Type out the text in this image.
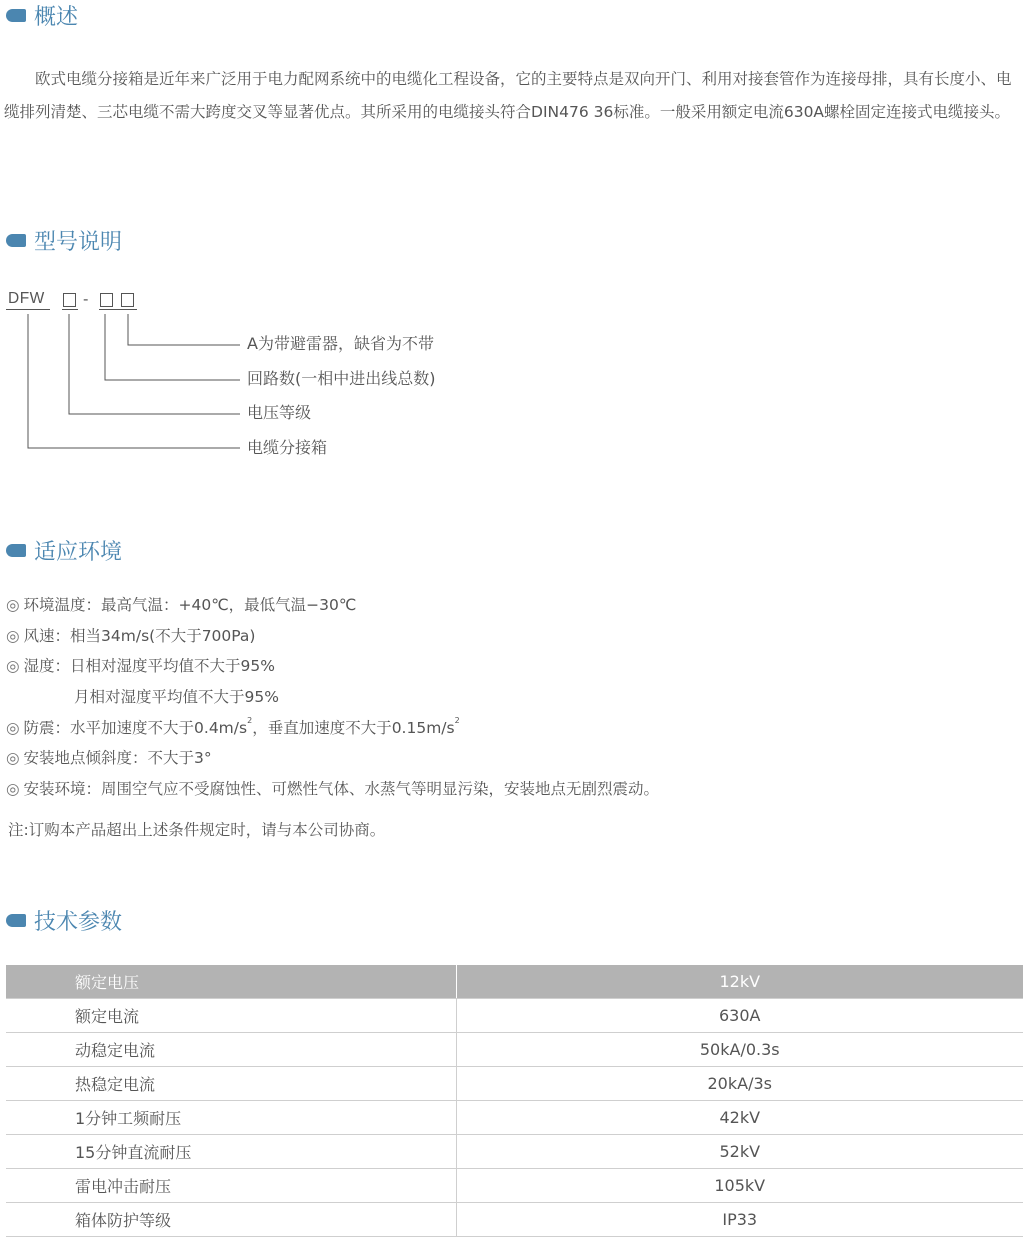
概述

欧式电缆分接箱是近年来广泛用于电力配网系统中的电缆化工程设备，它的主要特点是双向开门、利用对接套管作为连接母排，具有长度小、电缆排列清楚、三芯电缆不需大跨度交叉等显著优点。其所采用的电缆接头符合DIN476 36标准。一般采用额定电流630A螺栓固定连接式电缆接头。

型号说明
DFW	-
A为带避雷器，缺省为不带
回路数(一相中进出线总数)
电压等级
电缆分接箱
适应环境
◎ 环境温度：最高气温：+40℃，最低气温−30℃
◎ 风速：相当34m/s(不大于700Pa)
◎ 湿度：日相对湿度平均值不大于95%
月相对湿度平均值不大于95%
◎ 防震：水平加速度不大于$0.4m/s^2$，垂直加速度不大于$0.15m/s^2$
◎ 安装地点倾斜度：不大于3°
◎ 安装环境：周围空气应不受腐蚀性、可燃性气体、水蒸气等明显污染，安装地点无剧烈震动。
注:订购本产品超出上述条件规定时，请与本公司协商。
技术参数
额定电压	12kV
额定电流	630A
动稳定电流	50kA/0.3s
热稳定电流	20kA/3s
1分钟工频耐压	42kV
15分钟直流耐压	52kV
雷电冲击耐压	105kV
箱体防护等级	IP33
